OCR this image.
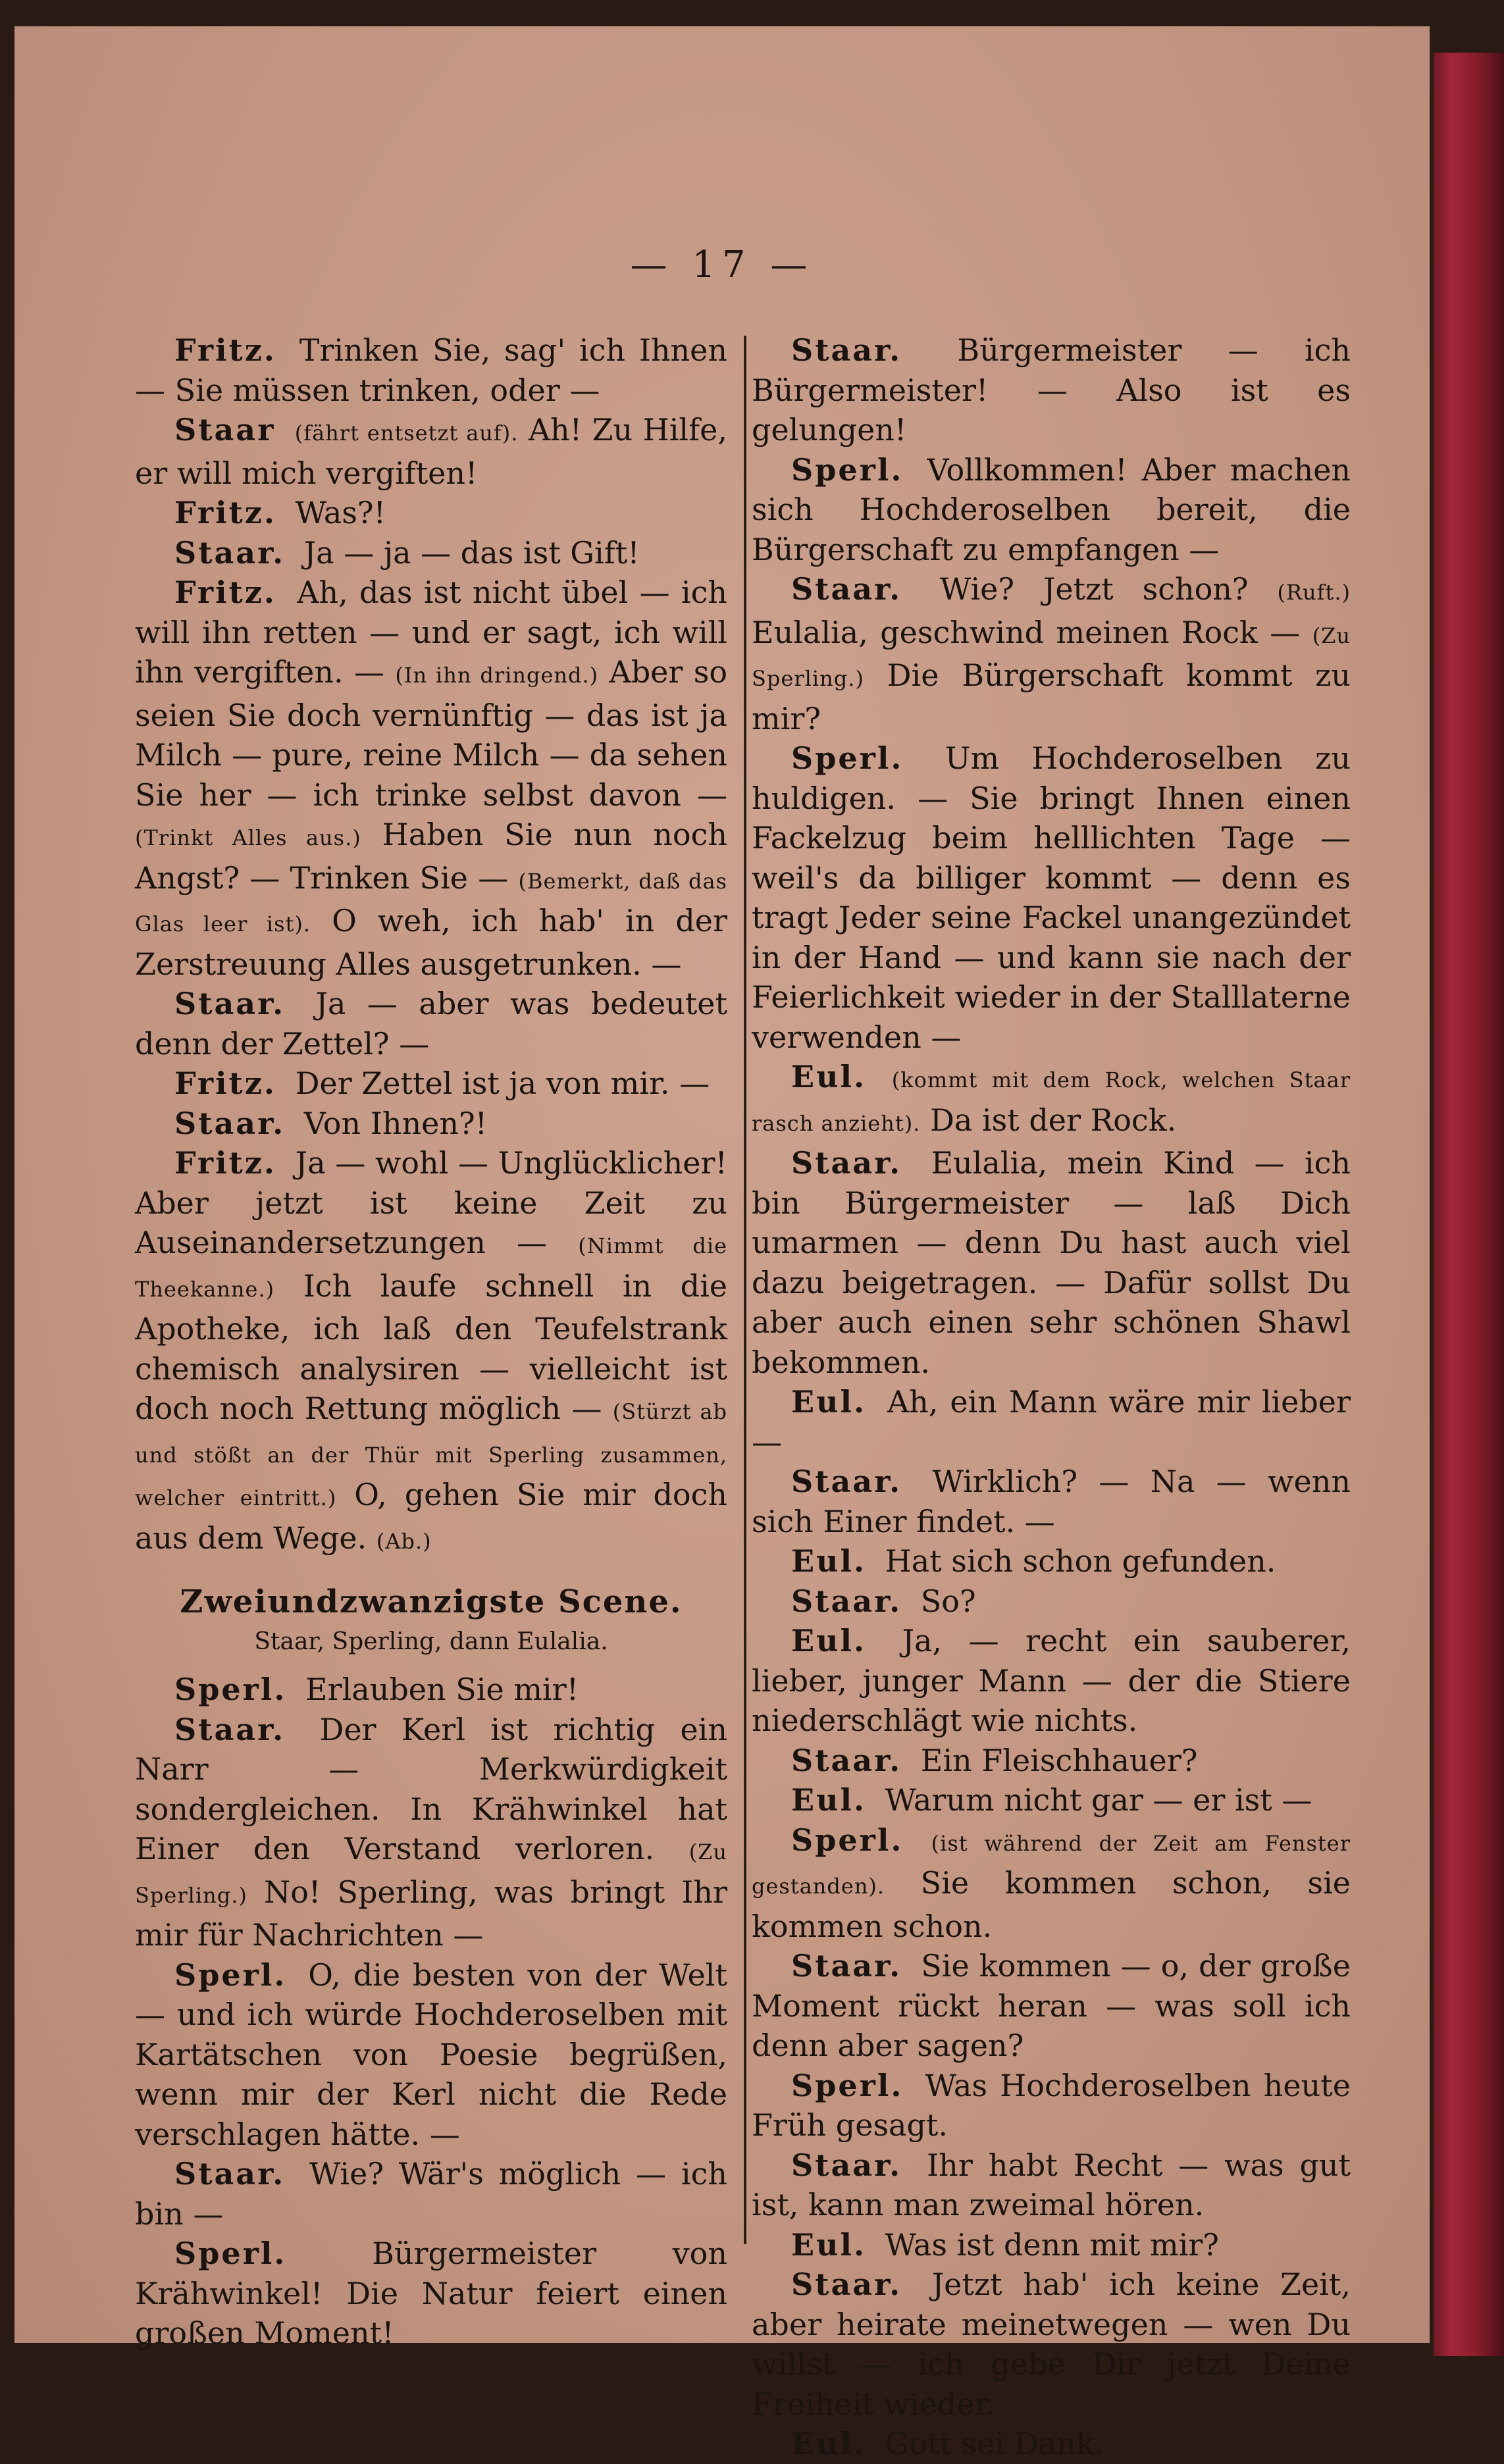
— 17 —

Fritz. Trinken Sie, sag' ich Ihnen — Sie müssen trinken, oder —

Staar (fährt entsetzt auf). Ah! Zu Hilfe, er will mich vergiften!

Fritz. Was?!

Staar. Ja — ja — das ist Gift!

Fritz. Ah, das ist nicht übel — ich will ihn retten — und er sagt, ich will ihn vergiften. — (In ihn dringend.) Aber so seien Sie doch vernünftig — das ist ja Milch — pure, reine Milch — da sehen Sie her — ich trinke selbst davon — (Trinkt Alles aus.) Haben Sie nun noch Angst? — Trinken Sie — (Bemerkt, daß das Glas leer ist). O weh, ich hab' in der Zerstreuung Alles ausgetrunken. —

Staar. Ja — aber was bedeutet denn der Zettel? —

Fritz. Der Zettel ist ja von mir. —

Staar. Von Ihnen?!

Fritz. Ja — wohl — Unglücklicher! Aber jetzt ist keine Zeit zu Auseinandersetzungen — (Nimmt die Theekanne.) Ich laufe schnell in die Apotheke, ich laß den Teufelstrank chemisch analysiren — vielleicht ist doch noch Rettung möglich — (Stürzt ab und stößt an der Thür mit Sperling zusammen, welcher eintritt.) O, gehen Sie mir doch aus dem Wege. (Ab.)

Zweiundzwanzigste Scene.
Staar, Sperling, dann Eulalia.

Sperl. Erlauben Sie mir!

Staar. Der Kerl ist richtig ein Narr — Merkwürdigkeit sondergleichen. In Krähwinkel hat Einer den Verstand verloren. (Zu Sperling.) No! Sperling, was bringt Ihr mir für Nachrichten —

Sperl. O, die besten von der Welt — und ich würde Hochderoselben mit Kartätschen von Poesie begrüßen, wenn mir der Kerl nicht die Rede verschlagen hätte. —

Staar. Wie? Wär's möglich — ich bin —

Sperl.	Bürgermeister von Krähwinkel! Die Natur feiert einen großen Moment!

Staar. Bürgermeister — ich Bürgermeister! — Also ist es gelungen!

Sperl. Vollkommen! Aber machen sich Hochderoselben bereit, die Bürgerschaft zu empfangen —

Staar. Wie? Jetzt schon? (Ruft.) Eulalia, geschwind meinen Rock — (Zu Sperling.) Die Bürgerschaft kommt zu mir?

Sperl. Um Hochderoselben zu huldigen. — Sie bringt Ihnen einen Fackelzug beim helllichten Tage — weil's da billiger kommt — denn es tragt Jeder seine Fackel unangezündet in der Hand — und kann sie nach der Feierlichkeit wieder in der Stalllaterne verwenden —

Eul. (kommt mit dem Rock, welchen Staar rasch anzieht). Da ist der Rock.

Staar. Eulalia, mein Kind — ich bin Bürgermeister — laß Dich umarmen — denn Du hast auch viel dazu beigetragen. — Dafür sollst Du aber auch einen sehr schönen Shawl bekommen.

Eul. Ah, ein Mann wäre mir lieber —

Staar. Wirklich? — Na — wenn sich Einer findet. —

Eul. Hat sich schon gefunden.

Staar. So?

Eul. Ja, — recht ein sauberer, lieber, junger Mann — der die Stiere niederschlägt wie nichts.

Staar. Ein Fleischhauer?

Eul. Warum nicht gar — er ist —

Sperl. (ist während der Zeit am Fenster gestanden). Sie kommen schon, sie kommen schon.

Staar. Sie kommen — o, der große Moment rückt heran — was soll ich denn aber sagen?

Sperl. Was Hochderoselben heute Früh gesagt.

Staar. Ihr habt Recht — was gut ist, kann man zweimal hören.

Eul. Was ist denn mit mir?

Staar. Jetzt hab' ich keine Zeit, aber heirate meinetwegen — wen Du willst — ich gebe Dir jetzt Deine Freiheit wieder.

Eul. Gott sei Dank.
